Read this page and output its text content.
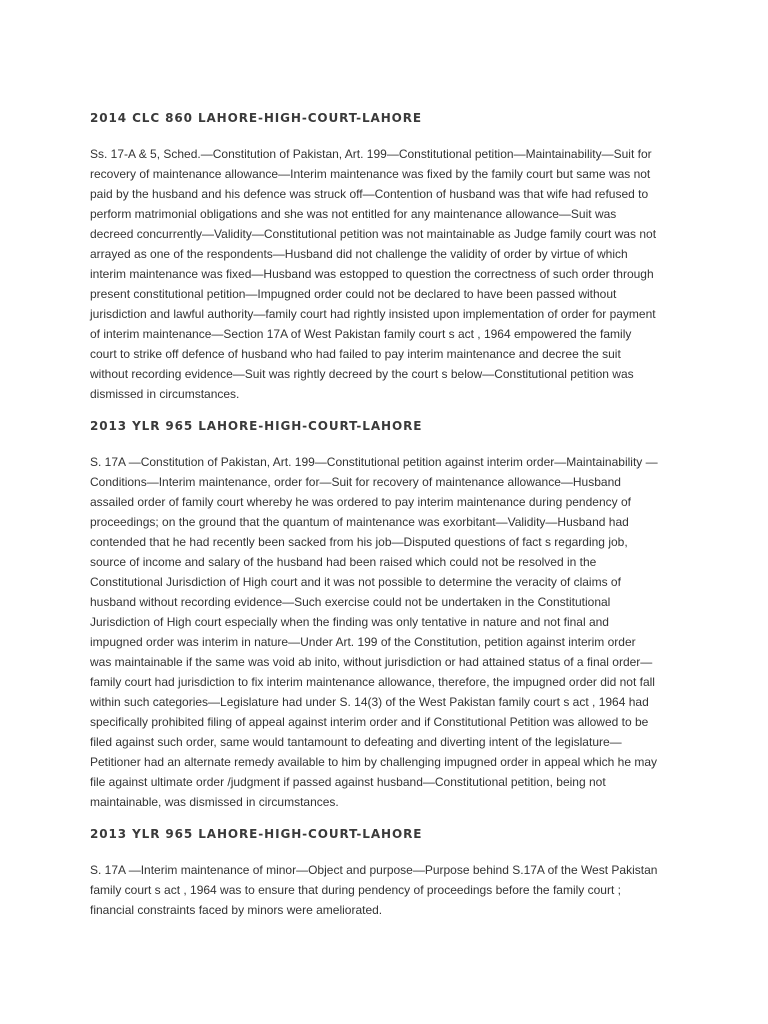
2014 CLC 860 LAHORE-HIGH-COURT-LAHORE

Ss. 17-A & 5, Sched.—Constitution of Pakistan, Art. 199—Constitutional petition—Maintainability—Suit for recovery of maintenance allowance—Interim maintenance was fixed by the family court but same was not paid by the husband and his defence was struck off—Contention of husband was that wife had refused to perform matrimonial obligations and she was not entitled for any maintenance allowance—Suit was decreed concurrently—Validity—Constitutional petition was not maintainable as Judge family court was not arrayed as one of the respondents—Husband did not challenge the validity of order by virtue of which interim maintenance was fixed—Husband was estopped to question the correctness of such order through present constitutional petition—Impugned order could not be declared to have been passed without jurisdiction and lawful authority—family court had rightly insisted upon implementation of order for payment of interim maintenance—Section 17A of West Pakistan family court s act , 1964 empowered the family court to strike off defence of husband who had failed to pay interim maintenance and decree the suit without recording evidence—Suit was rightly decreed by the court s below—Constitutional petition was dismissed in circumstances.

2013 YLR 965 LAHORE-HIGH-COURT-LAHORE

S. 17A —Constitution of Pakistan, Art. 199—Constitutional petition against interim order—Maintainability —Conditions—Interim maintenance, order for—Suit for recovery of maintenance allowance—Husband assailed order of family court whereby he was ordered to pay interim maintenance during pendency of proceedings; on the ground that the quantum of maintenance was exorbitant—Validity—Husband had contended that he had recently been sacked from his job—Disputed questions of fact s regarding job, source of income and salary of the husband had been raised which could not be resolved in the Constitutional Jurisdiction of High court and it was not possible to determine the veracity of claims of husband without recording evidence—Such exercise could not be undertaken in the Constitutional Jurisdiction of High court especially when the finding was only tentative in nature and not final and impugned order was interim in nature—Under Art. 199 of the Constitution, petition against interim order was maintainable if the same was void ab inito, without jurisdiction or had attained status of a final order—family court had jurisdiction to fix interim maintenance allowance, therefore, the impugned order did not fall within such categories—Legislature had under S. 14(3) of the West Pakistan family court s act , 1964 had specifically prohibited filing of appeal against interim order and if Constitutional Petition was allowed to be filed against such order, same would tantamount to defeating and diverting intent of the legislature—Petitioner had an alternate remedy available to him by challenging impugned order in appeal which he may file against ultimate order /judgment if passed against husband—Constitutional petition, being not maintainable, was dismissed in circumstances.

2013 YLR 965 LAHORE-HIGH-COURT-LAHORE

S. 17A —Interim maintenance of minor—Object and purpose—Purpose behind S.17A of the West Pakistan family court s act , 1964 was to ensure that during pendency of proceedings before the family court ; financial constraints faced by minors were ameliorated.
